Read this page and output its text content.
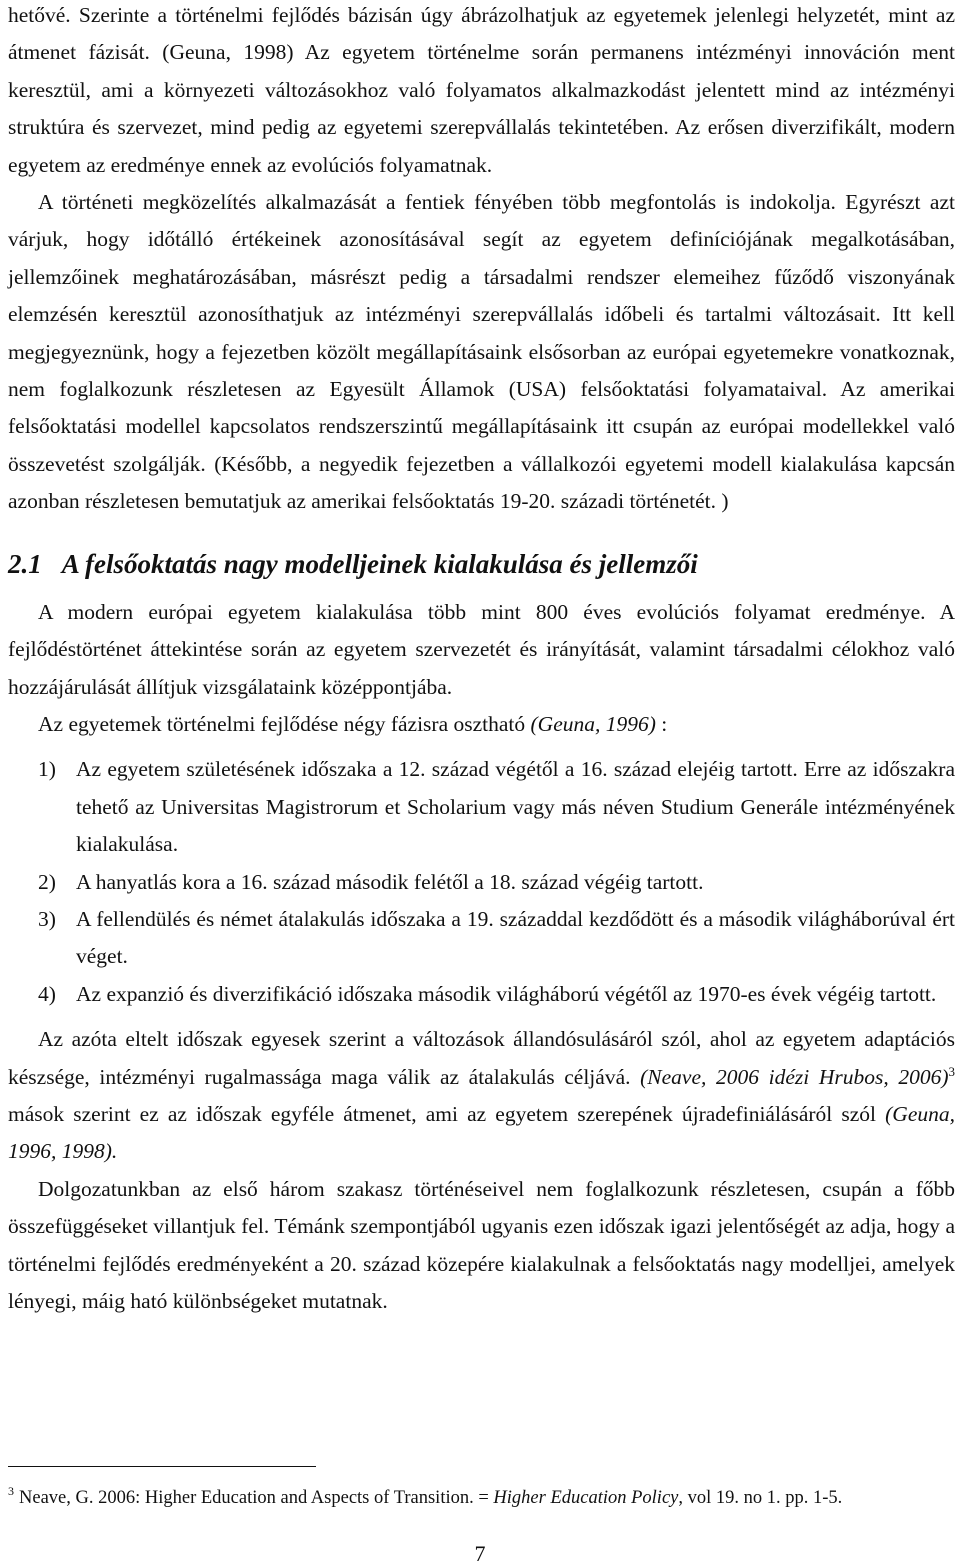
hetővé. Szerinte a történelmi fejlődés bázisán úgy ábrázolhatjuk az egyetemek jelenlegi helyzetét, mint az átmenet fázisát. (Geuna, 1998) Az egyetem történelme során permanens intézményi innováción ment keresztül, ami a környezeti változásokhoz való folyamatos alkalmazkodást jelentett mind az intézményi struktúra és szervezet, mind pedig az egyetemi szerepvállalás tekintetében. Az erősen diverzifikált, modern egyetem az eredménye ennek az evolúciós folyamatnak.

A történeti megközelítés alkalmazását a fentiek fényében több megfontolás is indokolja. Egyrészt azt várjuk, hogy időtálló értékeinek azonosításával segít az egyetem definíciójának megalkotásában, jellemzőinek meghatározásában, másrészt pedig a társadalmi rendszer elemeihez fűződő viszonyának elemzésén keresztül azonosíthatjuk az intézményi szerepvállalás időbeli és tartalmi változásait. Itt kell megjegyeznünk, hogy a fejezetben közölt megállapításaink elsősorban az európai egyetemekre vonatkoznak, nem foglalkozunk részletesen az Egyesült Államok (USA) felsőoktatási folyamataival. Az amerikai felsőoktatási modellel kapcsolatos rendszerszintű megállapításaink itt csupán az európai modellekkel való összevetést szolgálják. (Később, a negyedik fejezetben a vállalkozói egyetemi modell kialakulása kapcsán azonban részletesen bemutatjuk az amerikai felsőoktatás 19-20. századi történetét. )

2.1 A felsőoktatás nagy modelljeinek kialakulása és jellemzői

A modern európai egyetem kialakulása több mint 800 éves evolúciós folyamat eredménye. A fejlődéstörténet áttekintése során az egyetem szervezetét és irányítását, valamint társadalmi célokhoz való hozzájárulását állítjuk vizsgálataink középpontjába.

Az egyetemek történelmi fejlődése négy fázisra osztható (Geuna, 1996) :

1) Az egyetem születésének időszaka a 12. század végétől a 16. század elejéig tartott. Erre az időszakra tehető az Universitas Magistrorum et Scholarium vagy más néven Studium Generále intézményének kialakulása.
2) A hanyatlás kora a 16. század második felétől a 18. század végéig tartott.
3) A fellendülés és német átalakulás időszaka a 19. századdal kezdődött és a második világháborúval ért véget.
4) Az expanzió és diverzifikáció időszaka második világháború végétől az 1970-es évek végéig tartott.

Az azóta eltelt időszak egyesek szerint a változások állandósulásáról szól, ahol az egyetem adaptációs készsége, intézményi rugalmassága maga válik az átalakulás céljává. (Neave, 2006 idézi Hrubos, 2006)$^3$ mások szerint ez az időszak egyféle átmenet, ami az egyetem szerepének újradefiniálásáról szól (Geuna, 1996, 1998).

Dolgozatunkban az első három szakasz történéseivel nem foglalkozunk részletesen, csupán a főbb összefüggéseket villantjuk fel. Témánk szempontjából ugyanis ezen időszak igazi jelentőségét az adja, hogy a történelmi fejlődés eredményeként a 20. század közepére kialakulnak a felsőoktatás nagy modelljei, amelyek lényegi, máig ható különbségeket mutatnak.

$^3$ Neave, G. 2006: Higher Education and Aspects of Transition. = Higher Education Policy, vol 19. no 1. pp. 1-5.
7
